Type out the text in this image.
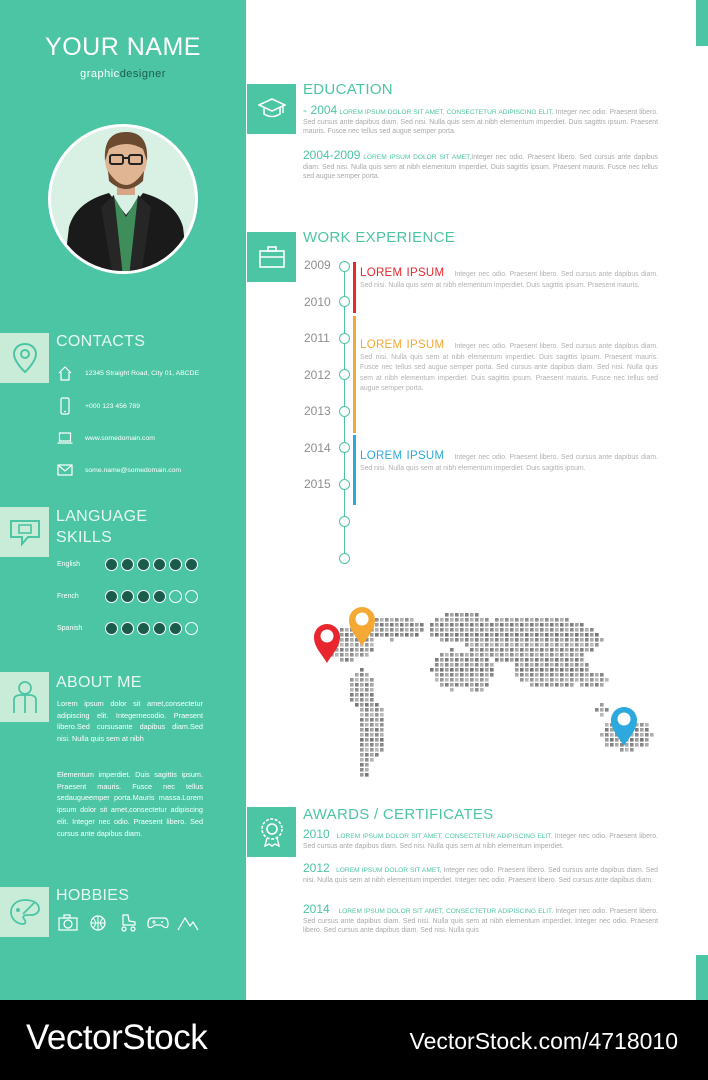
YOUR NAME
graphicdesigner
CONTACTS
12345 Straight Road, City 01, ABCDE
+000 123 456 789
www.somedomain.com
some.name@somedomain.com
LANGUAGE
SKILLS
English
French
Spanish
ABOUT ME
Lorem ipsum dolor sit amet,consectetur adipiscing elit. Integernecodio. Praesent libero.Sed cursusante dapibus diam.Sed nisi. Nulla quis sem at nibh
Elementum imperdiet. Duis sagittis ipsum. Praesent mauris. Fusce nec tellus sedaugueemper porta.Mauris massa.Lorem ipsum dolor sit amet,consectetur adipiscing elit. Integer nec odio. Praesent libero. Sed cursus ante dapibus diam.
HOBBIES
EDUCATION
- 2004 LOREM IPSUM DOLOR SIT AMET, CONSECTETUR ADIPISCING ELIT. Integer nec odio. Praesent libero. Sed cursus ante dapibus diam. Sed nisi. Nulla quis sem at nibh elementum imperdiet. Duis sagittis ipsum. Praesent mauris. Fusce nec tellus sed augue semper porta.
2004-2009 LOREM IPSUM DOLOR SIT AMET,Integer nec odio. Praesent libero. Sed cursus ante dapibus diam. Sed nisi. Nulla quis sem at nibh elementum imperdiet. Duis sagittis ipsum. Praesent mauris. Fusce nec tellus sed augue semper porta.
WORK EXPERIENCE
2009
2010
2011
2012
2013
2014
2015
LOREM IPSUM Integer nec odio. Praesent libero. Sed cursus ante dapibus diam. Sed nisi. Nulla quis sem at nibh elementum imperdiet. Duis sagittis ipsum. Praesent mauris.
LOREM IPSUM Integer nec odio. Praesent libero. Sed cursus ante dapibus diam. Sed nisi. Nulla quis sem at nibh elementum imperdiet. Duis sagittis ipsum. Praesent mauris. Fusce nec tellus sed augue semper porta. Sed cursus ante dapibus diam. Sed nisi. Nulla quis sem at nibh elementum imperdiet. Duis sagittis ipsum. Praesent mauris. Fusce nec tellus sed augue semper porta.
LOREM IPSUM Integer nec odio. Praesent libero. Sed cursus ante dapibus diam. Sed nisi. Nulla quis sem at nibh elementum imperdiet. Duis sagittis ipsum.
AWARDS / CERTIFICATES
2010 LOREM IPSUM DOLOR SIT AMET, CONSECTETUR ADIPISCING ELIT. Integer nec odio. Praesent libero. Sed cursus ante dapibus diam. Sed nisi. Nulla quis sem at nibh elementum imperdiet.
2012 LOREM IPSUM DOLOR SIT AMET, Integer nec odio. Praesent libero. Sed cursus ante dapibus diam. Sed nisi. Nulla quis sem at nibh elementum imperdiet. Integer nec odio. Praesent libero. Sed cursus ante dapibus diam.
2014 LOREM IPSUM DOLOR SIT AMET, CONSECTETUR ADIPISCING ELIT. Integer nec odio. Praesent libero. Sed cursus ante dapibus diam. Sed nisi. Nulla quis sem at nibh elementum imperdiet. Integer nec odio. Praesent libero. Sed cursus ante dapibus diam. Sed nisi. Nulla quis
VectorStock	VectorStock.com/4718010
